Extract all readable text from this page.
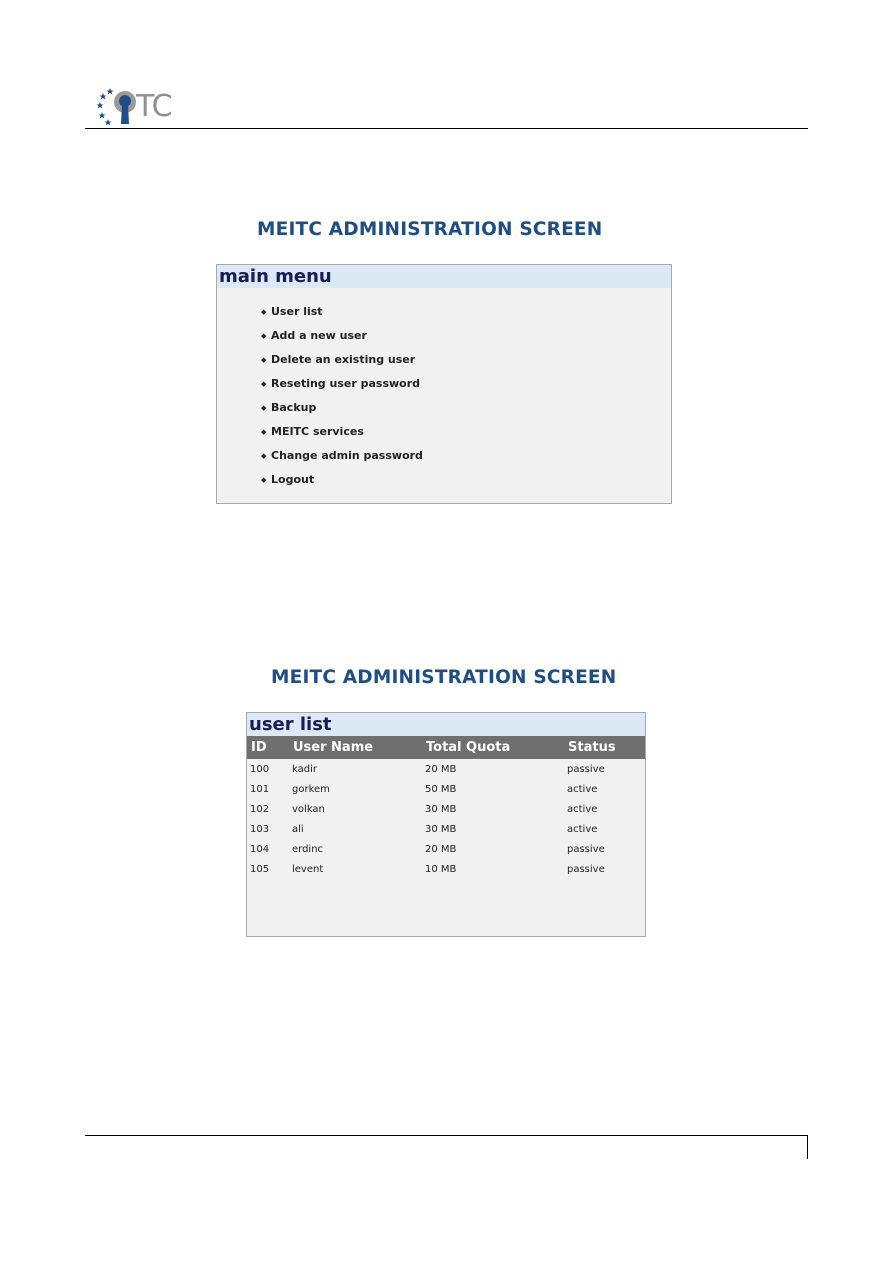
TC
MEITC ADMINISTRATION SCREEN
main menu
◆ User list
◆ Add a new user
◆ Delete an existing user
◆ Reseting user password
◆ Backup
◆ MEITC services
◆ Change admin password
◆ Logout
MEITC ADMINISTRATION SCREEN
user list
ID	User Name	Total Quota	Status
100	kadir	20 MB	passive
101	gorkem	50 MB	active
102	volkan	30 MB	active
103	ali	30 MB	active
104	erdinc	20 MB	passive
105	levent	10 MB	passive
